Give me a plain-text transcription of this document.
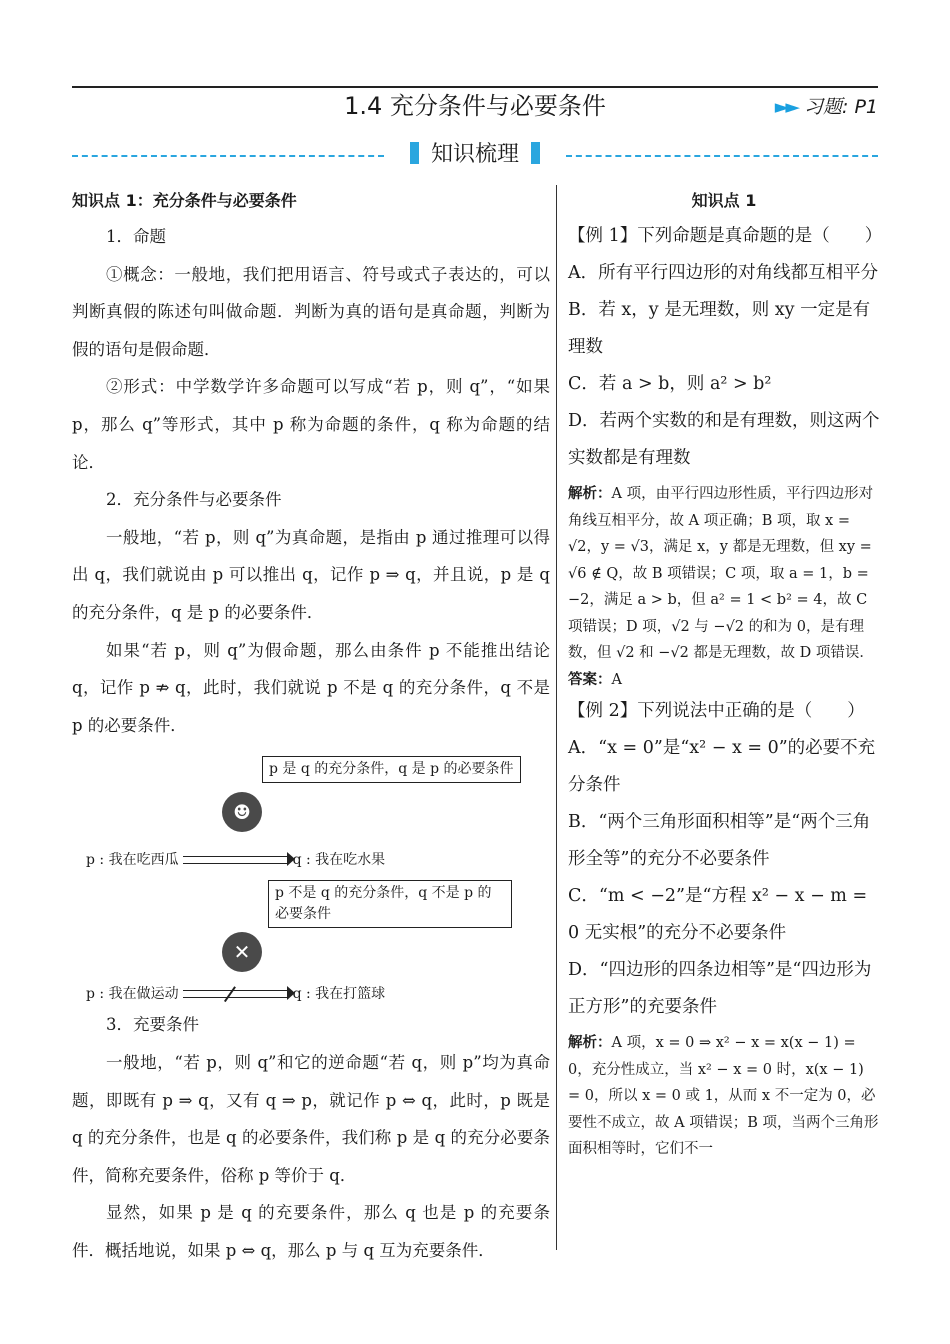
1.4 充分条件与必要条件	►► 习题: P1
知识梳理

知识点 1：充分条件与必要条件

1．命题

①概念：一般地，我们把用语言、符号或式子表达的，可以判断真假的陈述句叫做命题．判断为真的语句是真命题，判断为假的语句是假命题．

②形式：中学数学许多命题可以写成“若 p，则 q”，“如果 p，那么 q”等形式，其中 p 称为命题的条件，q 称为命题的结论．

2．充分条件与必要条件

一般地，“若 p，则 q”为真命题，是指由 p 通过推理可以得出 q，我们就说由 p 可以推出 q，记作 p ⇒ q，并且说，p 是 q 的充分条件，q 是 p 的必要条件．

如果“若 p，则 q”为假命题，那么由条件 p 不能推出结论 q，记作 p ⇏ q，此时，我们就说 p 不是 q 的充分条件，q 不是 p 的必要条件．

p 是 q 的充分条件，q 是 p 的必要条件
☻
p : 我在吃西瓜	q : 我在吃水果
p 不是 q 的充分条件，q 不是 p 的必要条件
✕
p : 我在做运动	q : 我在打篮球

3．充要条件

一般地，“若 p，则 q”和它的逆命题“若 q，则 p”均为真命题，即既有 p ⇒ q，又有 q ⇒ p，就记作 p ⇔ q，此时，p 既是 q 的充分条件，也是 q 的必要条件，我们称 p 是 q 的充分必要条件，简称充要条件，俗称 p 等价于 q．

显然，如果 p 是 q 的充要条件，那么 q 也是 p 的充要条件．概括地说，如果 p ⇔ q，那么 p 与 q 互为充要条件．

知识点 1

【例 1】下列命题是真命题的是（　　）

A．所有平行四边形的对角线都互相平分

B．若 x，y 是无理数，则 xy 一定是有理数

C．若 a > b，则 a² > b²

D．若两个实数的和是有理数，则这两个实数都是有理数

解析：A 项，由平行四边形性质，平行四边形对角线互相平分，故 A 项正确；B 项，取 x = √2，y = √3，满足 x，y 都是无理数，但 xy = √6 ∉ Q，故 B 项错误；C 项，取 a = 1，b = −2，满足 a > b，但 a² = 1 < b² = 4，故 C 项错误；D 项，√2 与 −√2 的和为 0，是有理数，但 √2 和 −√2 都是无理数，故 D 项错误．

答案：A

【例 2】下列说法中正确的是（　　）

A．“x = 0”是“x² − x = 0”的必要不充分条件

B．“两个三角形面积相等”是“两个三角形全等”的充分不必要条件

C．“m < −2”是“方程 x² − x − m = 0 无实根”的充分不必要条件

D．“四边形的四条边相等”是“四边形为正方形”的充要条件

解析：A 项，x = 0 ⇒ x² − x = x(x − 1) = 0，充分性成立，当 x² − x = 0 时，x(x − 1) = 0，所以 x = 0 或 1，从而 x 不一定为 0，必要性不成立，故 A 项错误；B 项，当两个三角形面积相等时，它们不一
